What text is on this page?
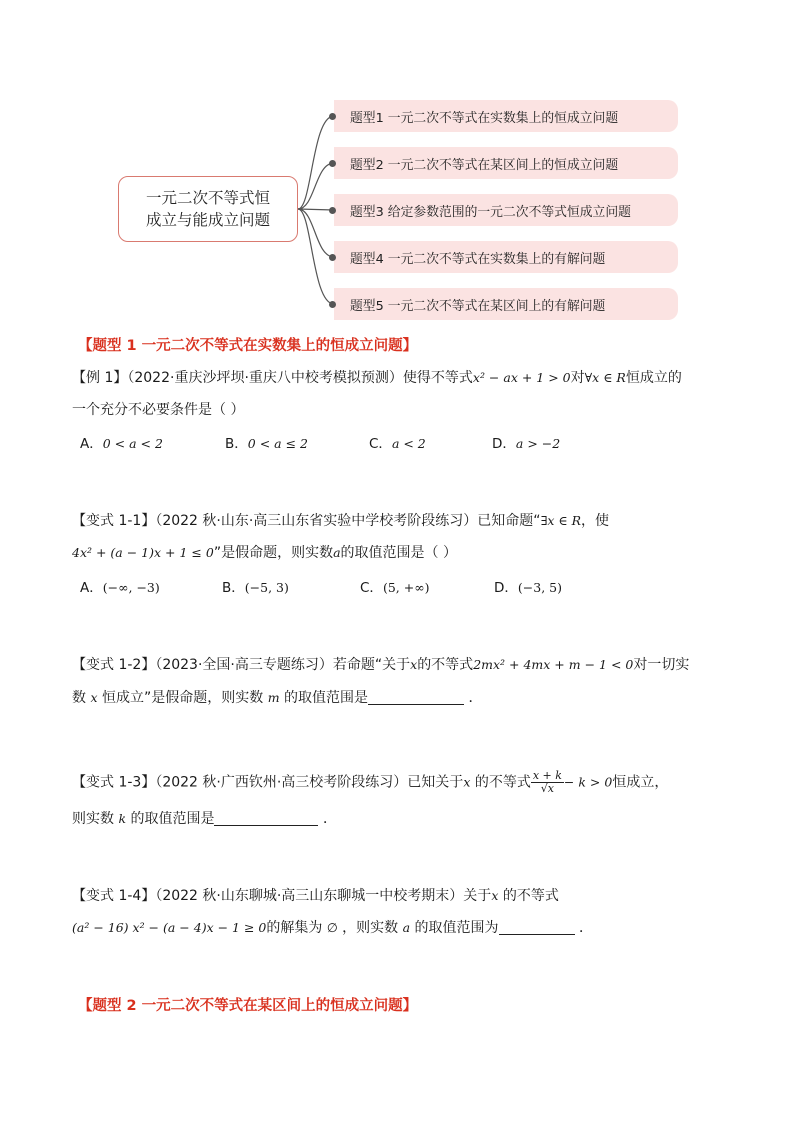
一元二次不等式恒
成立与能成立问题
题型1 一元二次不等式在实数集上的恒成立问题
题型2 一元二次不等式在某区间上的恒成立问题
题型3 给定参数范围的一元二次不等式恒成立问题
题型4 一元二次不等式在实数集上的有解问题
题型5 一元二次不等式在某区间上的有解问题
【题型 1 一元二次不等式在实数集上的恒成立问题】
【例 1】（2022·重庆沙坪坝·重庆八中校考模拟预测）使得不等式x² − ax + 1 > 0对∀x ∈ R恒成立的
一个充分不必要条件是（ ）
A．0 < a < 2	B．0 < a ≤ 2	C．a < 2	D．a > −2
【变式 1-1】（2022 秋·山东·高三山东省实验中学校考阶段练习）已知命题“∃x ∈ R，使
4x² + (a − 1)x + 1 ≤ 0”是假命题，则实数a的取值范围是（ ）
A．(−∞, −3)	B．(−5, 3)	C．(5, +∞)	D．(−3, 5)
【变式 1-2】（2023·全国·高三专题练习）若命题“关于x的不等式2mx² + 4mx + m − 1 < 0对一切实
数 x 恒成立”是假命题，则实数 m 的取值范围是	．
【变式 1-3】（2022 秋·广西钦州·高三校考阶段练习）已知关于x 的不等式 $\frac{x + k}{√x} - k > 0$恒成立，
则实数 k 的取值范围是	．
【变式 1-4】（2022 秋·山东聊城·高三山东聊城一中校考期末）关于x 的不等式
(a² − 16) x² − (a − 4)x − 1 ≥ 0的解集为 ∅ ，则实数 a 的取值范围为	．
【题型 2 一元二次不等式在某区间上的恒成立问题】
